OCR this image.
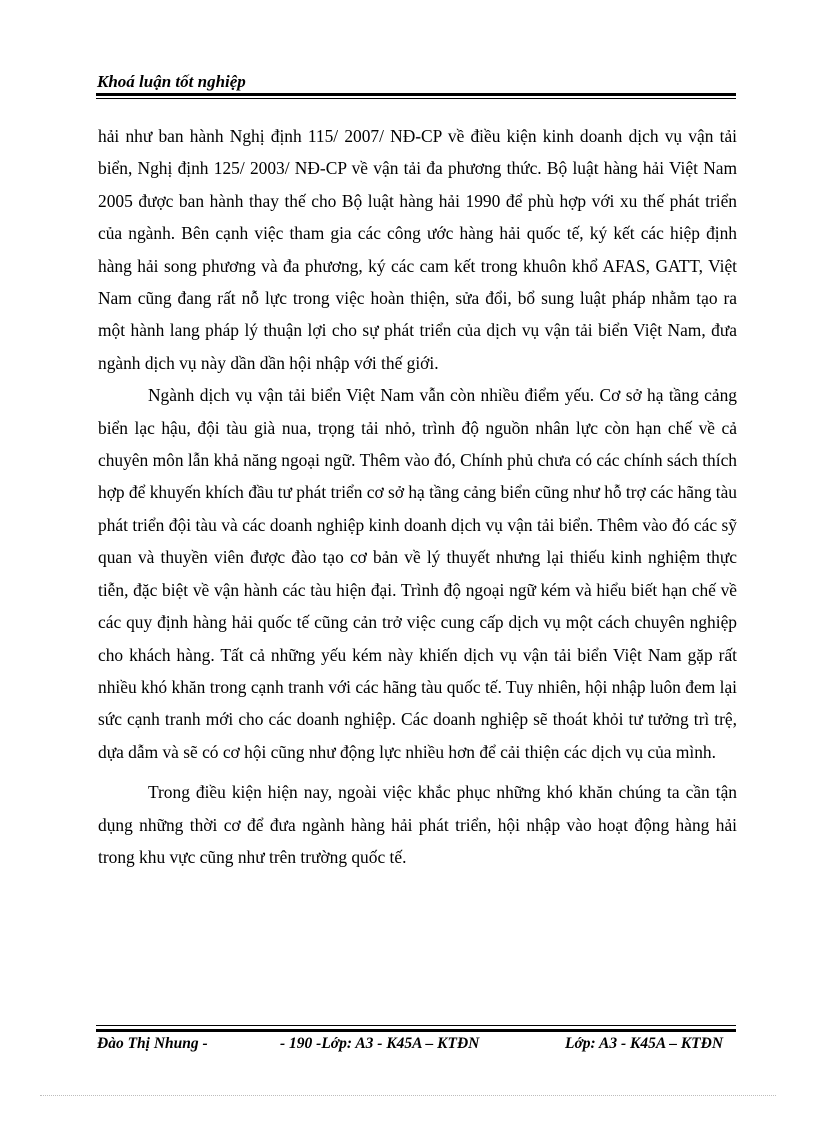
Khoá luận tốt nghiệp

hải như ban hành Nghị định 115/ 2007/ NĐ-CP về điều kiện kinh doanh dịch vụ vận tải biển, Nghị định 125/ 2003/ NĐ-CP về vận tải đa phương thức. Bộ luật hàng hải Việt Nam 2005 được ban hành thay thế cho Bộ luật hàng hải 1990 để phù hợp với xu thế phát triển của ngành. Bên cạnh việc tham gia các công ước hàng hải quốc tế, ký kết các hiệp định hàng hải song phương và đa phương, ký các cam kết trong khuôn khổ AFAS, GATT, Việt Nam cũng đang rất nỗ lực trong việc hoàn thiện, sửa đổi, bổ sung luật pháp nhằm tạo ra một hành lang pháp lý thuận lợi cho sự phát triển của dịch vụ vận tải biển Việt Nam, đưa ngành dịch vụ này dần dần hội nhập với thế giới.

Ngành dịch vụ vận tải biển Việt Nam vẫn còn nhiều điểm yếu. Cơ sở hạ tầng cảng biển lạc hậu, đội tàu già nua, trọng tải nhỏ, trình độ nguồn nhân lực còn hạn chế về cả chuyên môn lẫn khả năng ngoại ngữ. Thêm vào đó, Chính phủ chưa có các chính sách thích hợp để khuyến khích đầu tư phát triển cơ sở hạ tầng cảng biển cũng như hỗ trợ các hãng tàu phát triển đội tàu và các doanh nghiệp kinh doanh dịch vụ vận tải biển. Thêm vào đó các sỹ quan và thuyền viên được đào tạo cơ bản về lý thuyết nhưng lại thiếu kinh nghiệm thực tiễn, đặc biệt về vận hành các tàu hiện đại. Trình độ ngoại ngữ kém và hiểu biết hạn chế về các quy định hàng hải quốc tế cũng cản trở việc cung cấp dịch vụ một cách chuyên nghiệp cho khách hàng. Tất cả những yếu kém này khiến dịch vụ vận tải biển Việt Nam gặp rất nhiều khó khăn trong cạnh tranh với các hãng tàu quốc tế. Tuy nhiên, hội nhập luôn đem lại sức cạnh tranh mới cho các doanh nghiệp. Các doanh nghiệp sẽ thoát khỏi tư tưởng trì trệ, dựa dẫm và sẽ có cơ hội cũng như động lực nhiều hơn để cải thiện các dịch vụ của mình.

Trong điều kiện hiện nay, ngoài việc khắc phục những khó khăn chúng ta cần tận dụng những thời cơ để đưa ngành hàng hải phát triển, hội nhập vào hoạt động hàng hải trong khu vực cũng như trên trường quốc tế.

Đào Thị Nhung -	- 190 -Lớp: A3 - K45A – KTĐN	Lớp: A3 - K45A – KTĐN
